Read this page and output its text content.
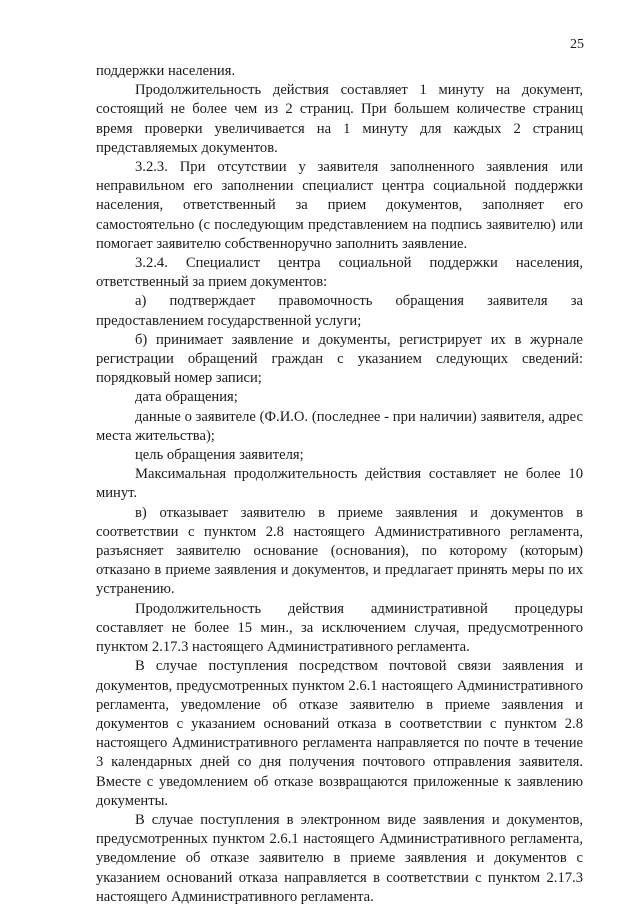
25

поддержки населения.

Продолжительность действия составляет 1 минуту на документ, состоящий не более чем из 2 страниц. При большем количестве страниц время проверки увеличивается на 1 минуту для каждых 2 страниц представляемых документов.

3.2.3. При отсутствии у заявителя заполненного заявления или неправильном его заполнении специалист центра социальной поддержки населения, ответственный за прием документов, заполняет его самостоятельно (с последующим представлением на подпись заявителю) или помогает заявителю собственноручно заполнить заявление.

3.2.4. Специалист центра социальной поддержки населения, ответственный за прием документов:

а) подтверждает правомочность обращения заявителя за предоставлением государственной услуги;

б) принимает заявление и документы, регистрирует их в журнале регистрации обращений граждан с указанием следующих сведений: порядковый номер записи;

дата обращения;

данные о заявителе (Ф.И.О. (последнее - при наличии) заявителя, адрес места жительства);

цель обращения заявителя;

Максимальная продолжительность действия составляет не более 10 минут.

в) отказывает заявителю в приеме заявления и документов в соответствии с пунктом 2.8 настоящего Административного регламента, разъясняет заявителю основание (основания), по которому (которым) отказано в приеме заявления и документов, и предлагает принять меры по их устранению.

Продолжительность действия административной процедуры составляет не более 15 мин., за исключением случая, предусмотренного пунктом 2.17.3 настоящего Административного регламента.

В случае поступления посредством почтовой связи заявления и документов, предусмотренных пунктом 2.6.1 настоящего Административного регламента, уведомление об отказе заявителю в приеме заявления и документов с указанием оснований отказа в соответствии с пунктом 2.8 настоящего Административного регламента направляется по почте в течение 3 календарных дней со дня получения почтового отправления заявителя. Вместе с уведомлением об отказе возвращаются приложенные к заявлению документы.

В случае поступления в электронном виде заявления и документов, предусмотренных пунктом 2.6.1 настоящего Административного регламента, уведомление об отказе заявителю в приеме заявления и документов с указанием оснований отказа направляется в соответствии с пунктом 2.17.3 настоящего Административного регламента.
